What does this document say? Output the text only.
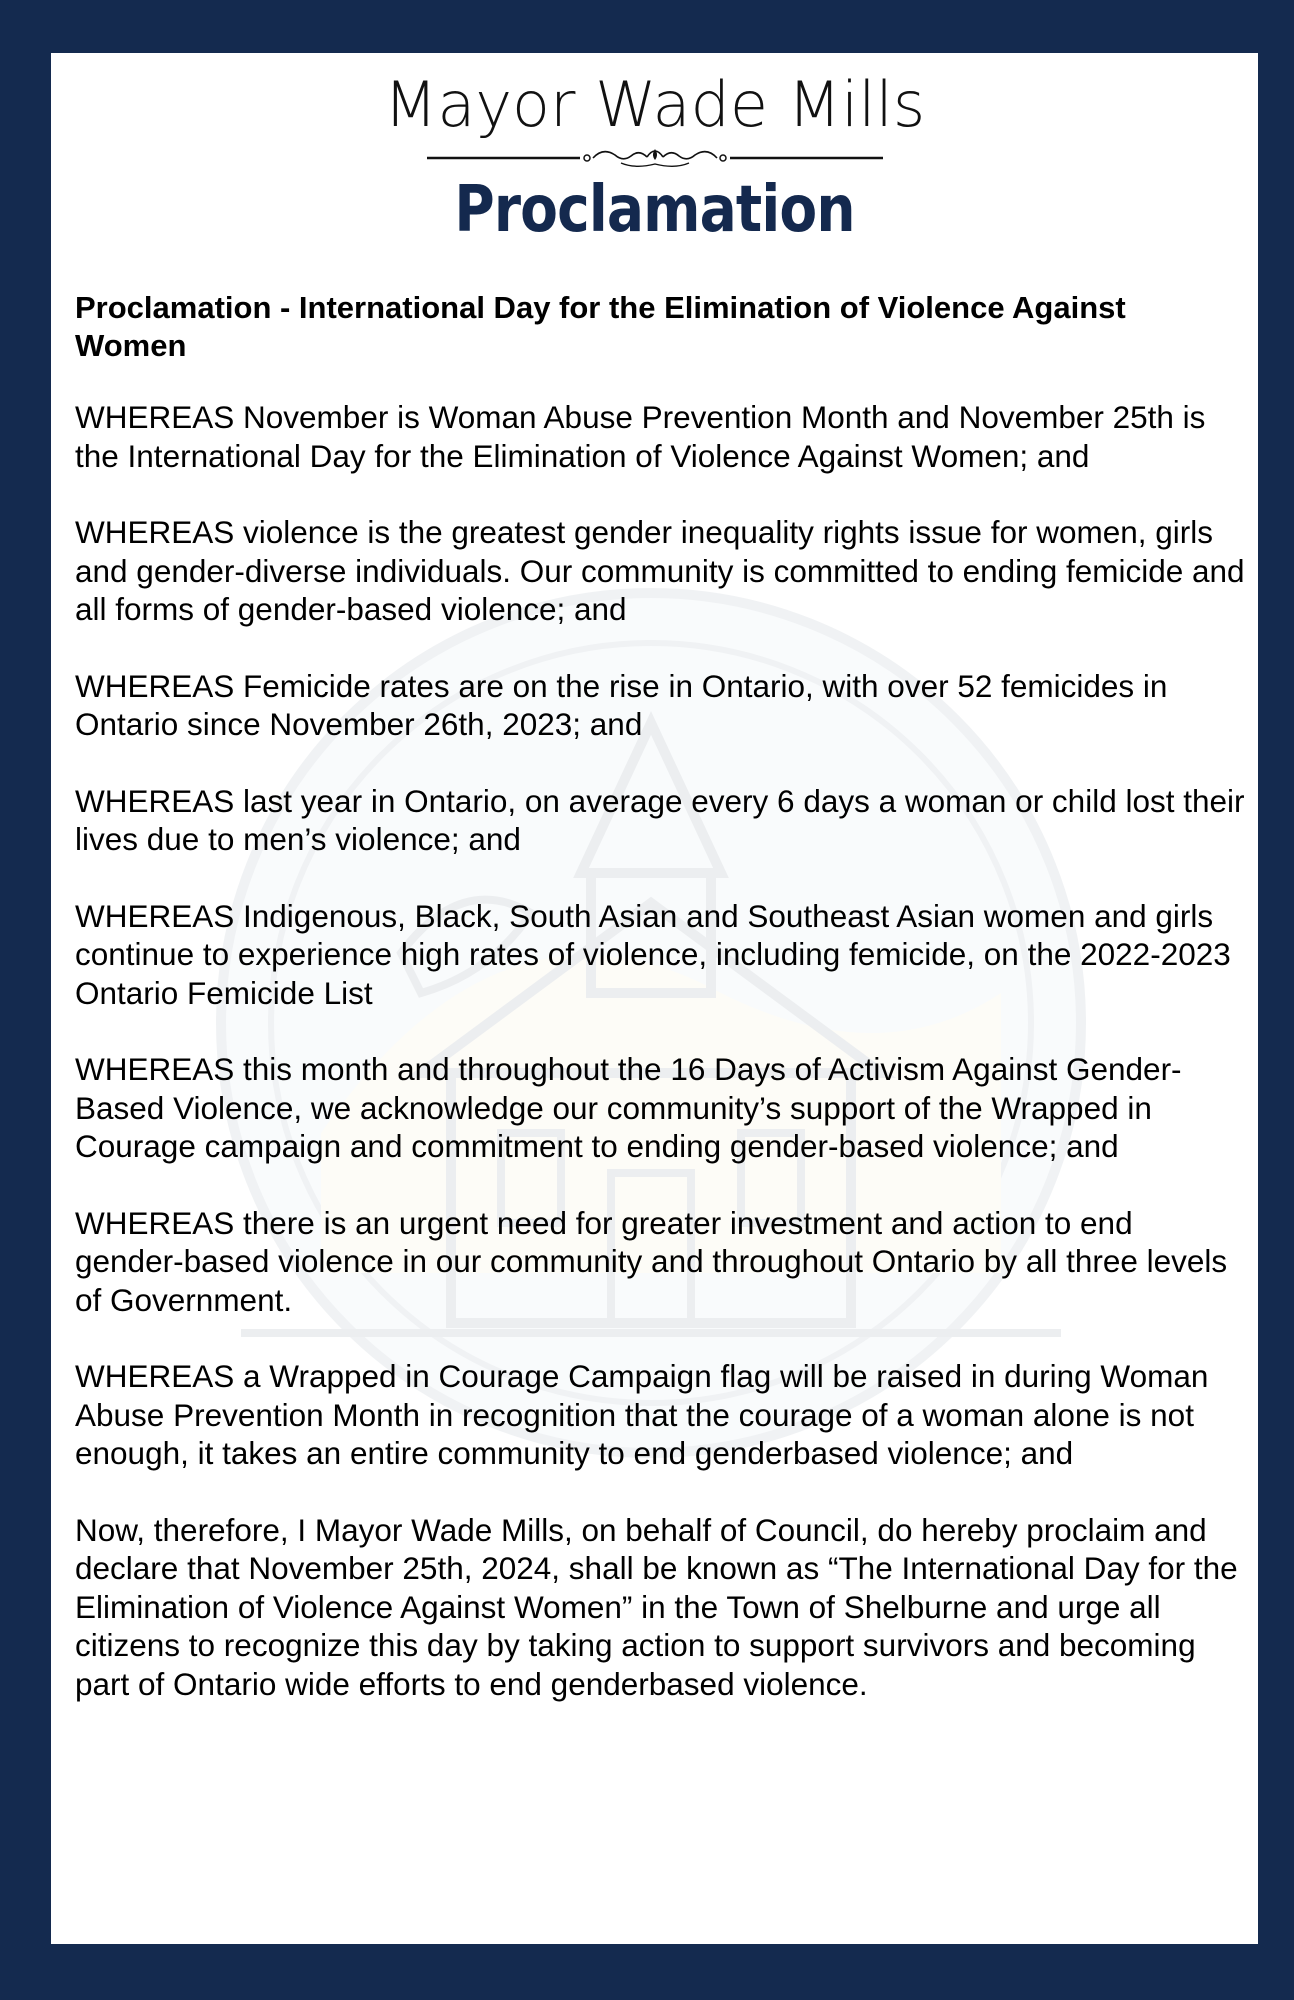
Mayor Wade Mills
Proclamation

Proclamation - International Day for the Elimination of Violence Against Women

WHEREAS November is Woman Abuse Prevention Month and November 25th is the International Day for the Elimination of Violence Against Women; and

WHEREAS violence is the greatest gender inequality rights issue for women, girls and gender-diverse individuals. Our community is committed to ending femicide and all forms of gender-based violence; and

WHEREAS Femicide rates are on the rise in Ontario, with over 52 femicides in Ontario since November 26th, 2023; and

WHEREAS last year in Ontario, on average every 6 days a woman or child lost their lives due to men’s violence; and

WHEREAS Indigenous, Black, South Asian and Southeast Asian women and girls continue to experience high rates of violence, including femicide, on the 2022-2023 Ontario Femicide List

WHEREAS this month and throughout the 16 Days of Activism Against Gender-Based Violence, we acknowledge our community’s support of the Wrapped in Courage campaign and commitment to ending gender-based violence; and

WHEREAS there is an urgent need for greater investment and action to end gender-based violence in our community and throughout Ontario by all three levels of Government.

WHEREAS a Wrapped in Courage Campaign flag will be raised in during Woman Abuse Prevention Month in recognition that the courage of a woman alone is not enough, it takes an entire community to end genderbased violence; and

Now, therefore, I Mayor Wade Mills, on behalf of Council, do hereby proclaim and declare that November 25th, 2024, shall be known as “The International Day for the Elimination of Violence Against Women” in the Town of Shelburne and urge all citizens to recognize this day by taking action to support survivors and becoming part of Ontario wide efforts to end genderbased violence.
